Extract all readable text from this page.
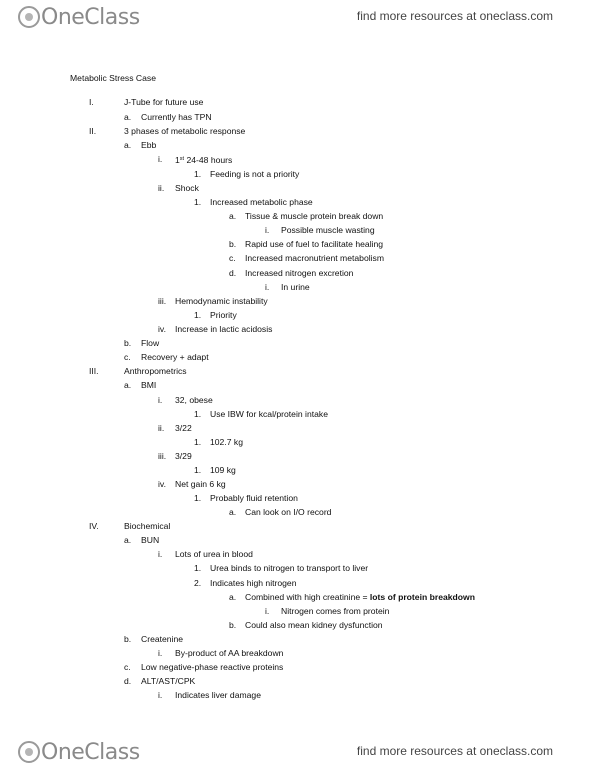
OneClass	find more resources at oneclass.com
Metabolic Stress Case
I.	J-Tube for future use
a. Currently has TPN
II.	3 phases of metabolic response
a. Ebb
i. 1st 24-48 hours
1. Feeding is not a priority
ii. Shock
1. Increased metabolic phase
a. Tissue & muscle protein break down
i. Possible muscle wasting
b. Rapid use of fuel to facilitate healing
c. Increased macronutrient metabolism
d. Increased nitrogen excretion
i. In urine
iii. Hemodynamic instability
1. Priority
iv. Increase in lactic acidosis
b. Flow
c. Recovery + adapt
III.	Anthropometrics
a. BMI
i. 32, obese
1. Use IBW for kcal/protein intake
ii. 3/22
1. 102.7 kg
iii. 3/29
1. 109 kg
iv. Net gain 6 kg
1. Probably fluid retention
a. Can look on I/O record
IV.	Biochemical
a. BUN
i. Lots of urea in blood
1. Urea binds to nitrogen to transport to liver
2. Indicates high nitrogen
a. Combined with high creatinine = lots of protein breakdown
i. Nitrogen comes from protein
b. Could also mean kidney dysfunction
b. Createnine
i. By-product of AA breakdown
c. Low negative-phase reactive proteins
d. ALT/AST/CPK
i. Indicates liver damage
OneClass	find more resources at oneclass.com
